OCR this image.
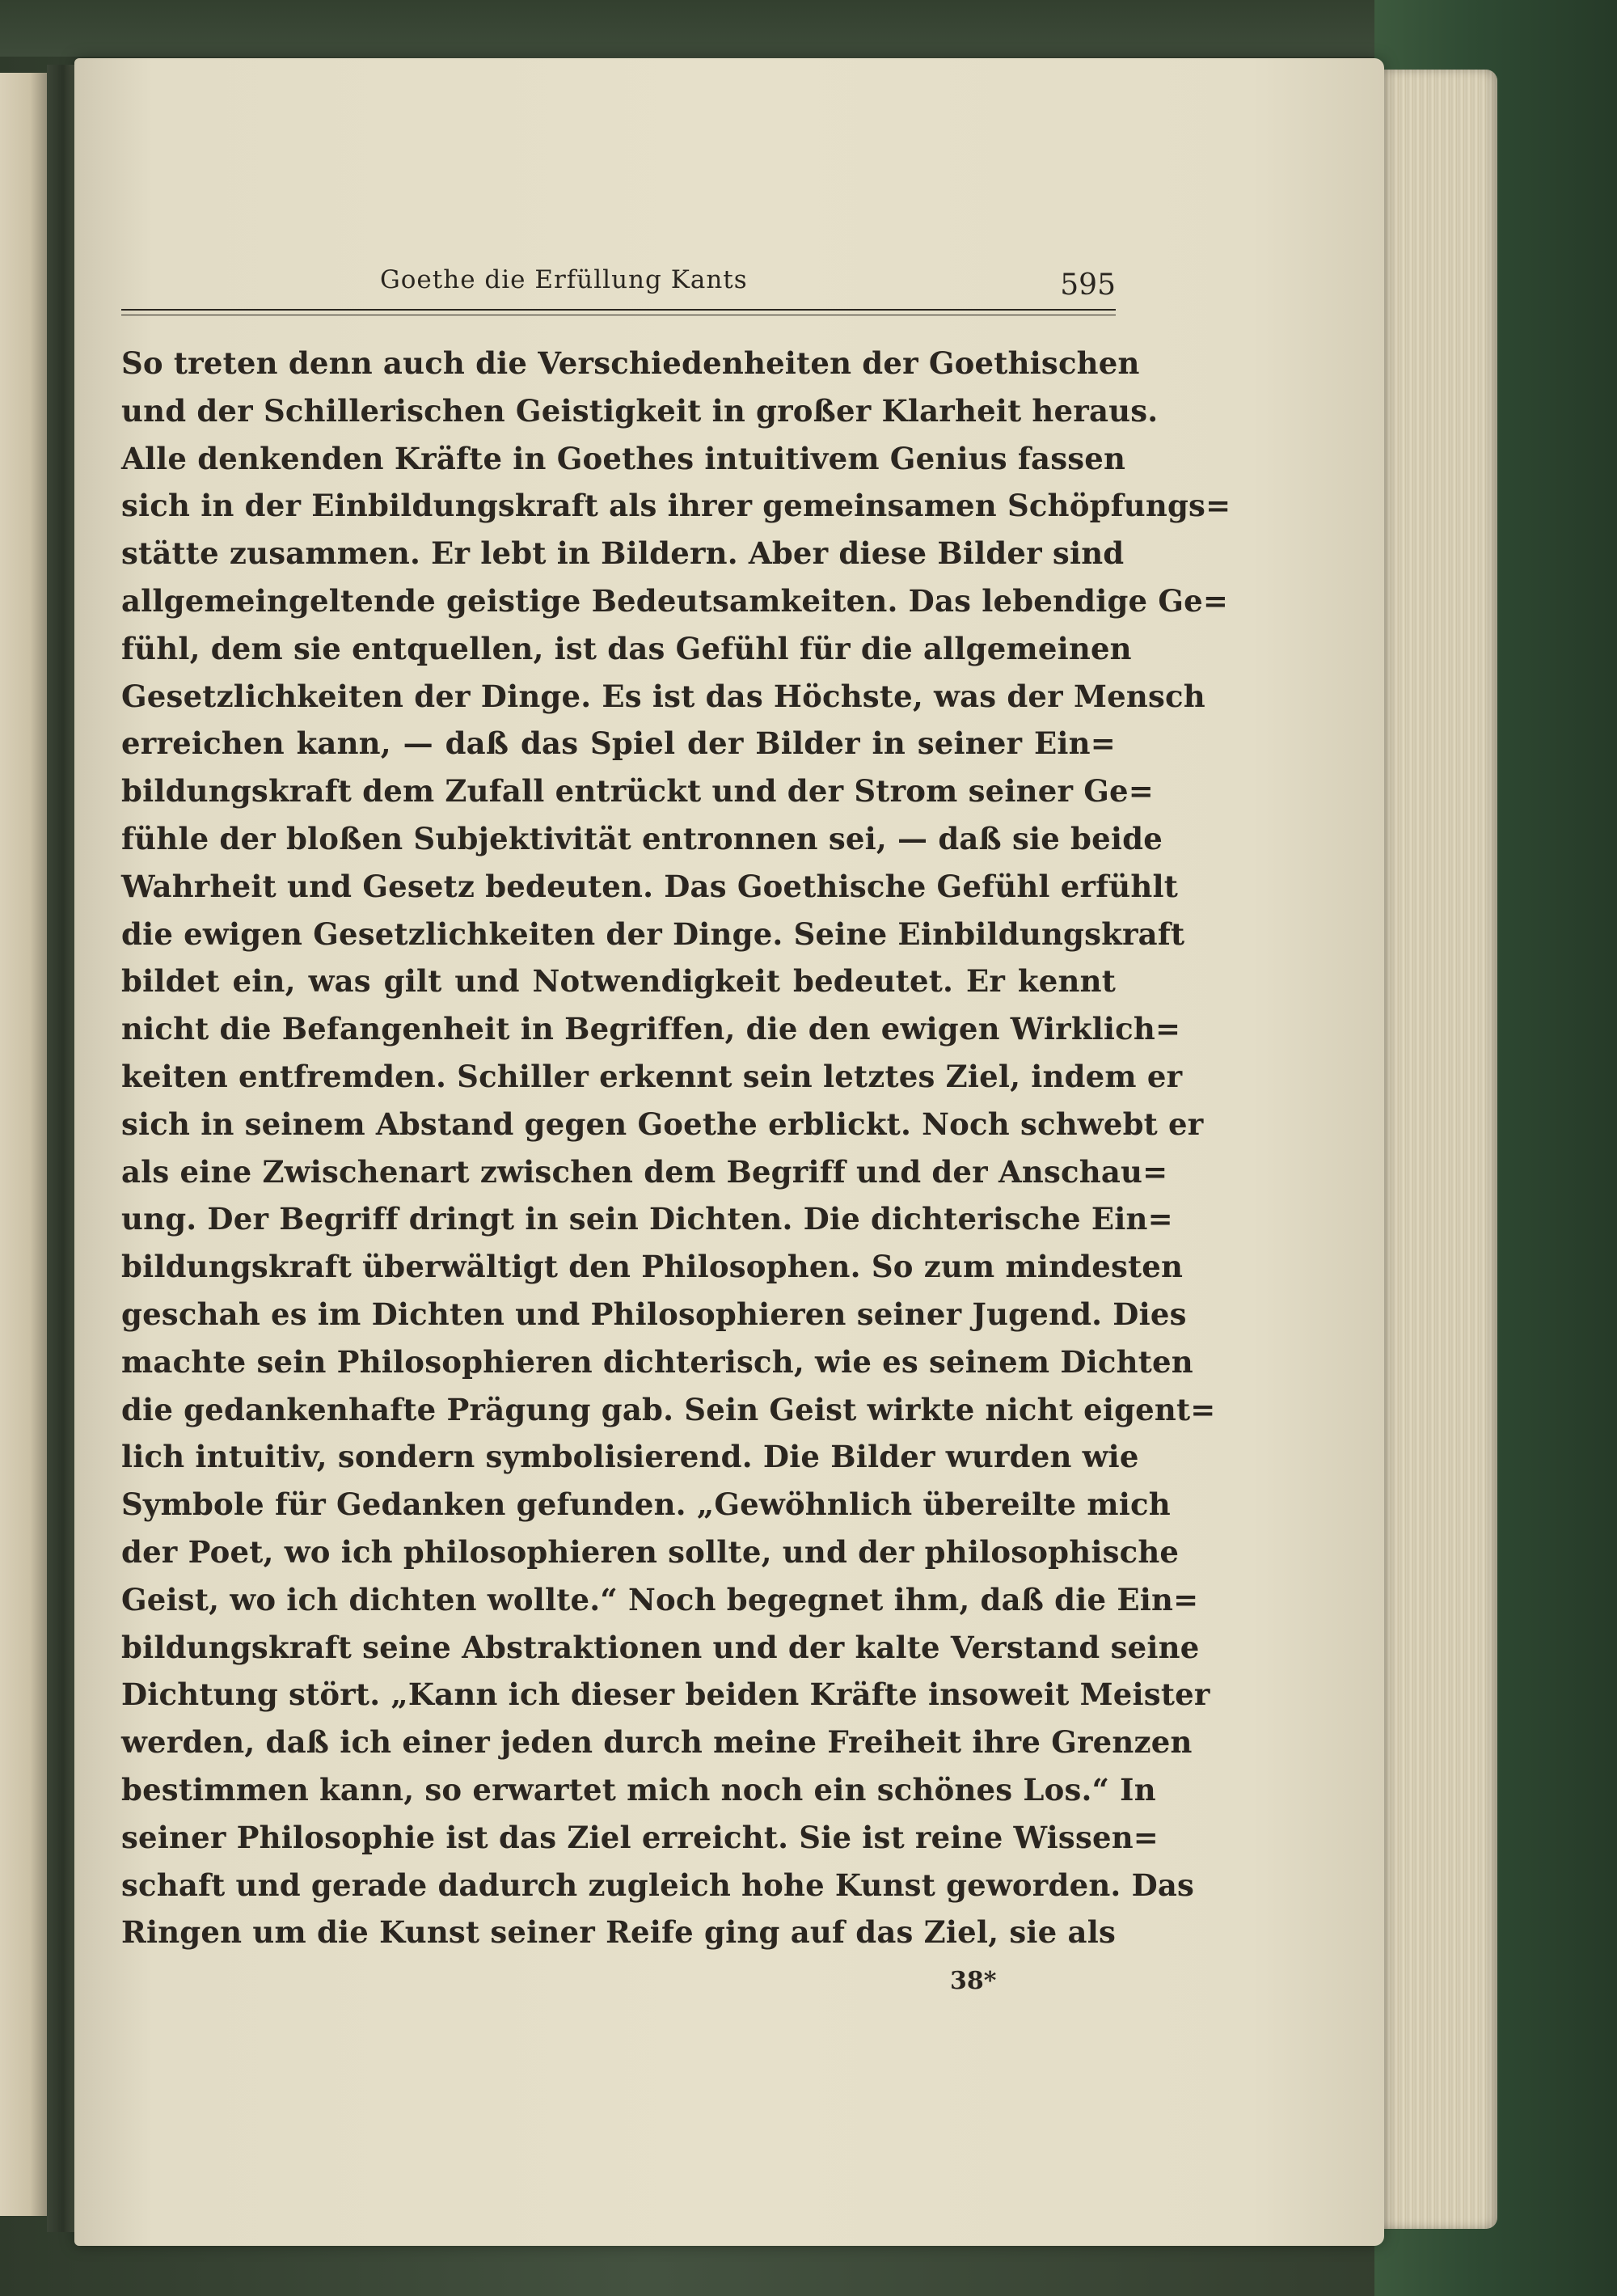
Goethe die Erfüllung Kants	595
So treten denn auch die Verschiedenheiten der Goethischen
und der Schillerischen Geistigkeit in großer Klarheit heraus.
Alle denkenden Kräfte in Goethes intuitivem Genius fassen
sich in der Einbildungskraft als ihrer gemeinsamen Schöpfungs=
stätte zusammen. Er lebt in Bildern. Aber diese Bilder sind
allgemeingeltende geistige Bedeutsamkeiten. Das lebendige Ge=
fühl, dem sie entquellen, ist das Gefühl für die allgemeinen
Gesetzlichkeiten der Dinge. Es ist das Höchste, was der Mensch
erreichen kann, — daß das Spiel der Bilder in seiner Ein=
bildungskraft dem Zufall entrückt und der Strom seiner Ge=
fühle der bloßen Subjektivität entronnen sei, — daß sie beide
Wahrheit und Gesetz bedeuten. Das Goethische Gefühl erfühlt
die ewigen Gesetzlichkeiten der Dinge. Seine Einbildungskraft
bildet ein, was gilt und Notwendigkeit bedeutet. Er kennt
nicht die Befangenheit in Begriffen, die den ewigen Wirklich=
keiten entfremden. Schiller erkennt sein letztes Ziel, indem er
sich in seinem Abstand gegen Goethe erblickt. Noch schwebt er
als eine Zwischenart zwischen dem Begriff und der Anschau=
ung. Der Begriff dringt in sein Dichten. Die dichterische Ein=
bildungskraft überwältigt den Philosophen. So zum mindesten
geschah es im Dichten und Philosophieren seiner Jugend. Dies
machte sein Philosophieren dichterisch, wie es seinem Dichten
die gedankenhafte Prägung gab. Sein Geist wirkte nicht eigent=
lich intuitiv, sondern symbolisierend. Die Bilder wurden wie
Symbole für Gedanken gefunden. „Gewöhnlich übereilte mich
der Poet, wo ich philosophieren sollte, und der philosophische
Geist, wo ich dichten wollte.“ Noch begegnet ihm, daß die Ein=
bildungskraft seine Abstraktionen und der kalte Verstand seine
Dichtung stört. „Kann ich dieser beiden Kräfte insoweit Meister
werden, daß ich einer jeden durch meine Freiheit ihre Grenzen
bestimmen kann, so erwartet mich noch ein schönes Los.“ In
seiner Philosophie ist das Ziel erreicht. Sie ist reine Wissen=
schaft und gerade dadurch zugleich hohe Kunst geworden. Das
Ringen um die Kunst seiner Reife ging auf das Ziel, sie als
38*
